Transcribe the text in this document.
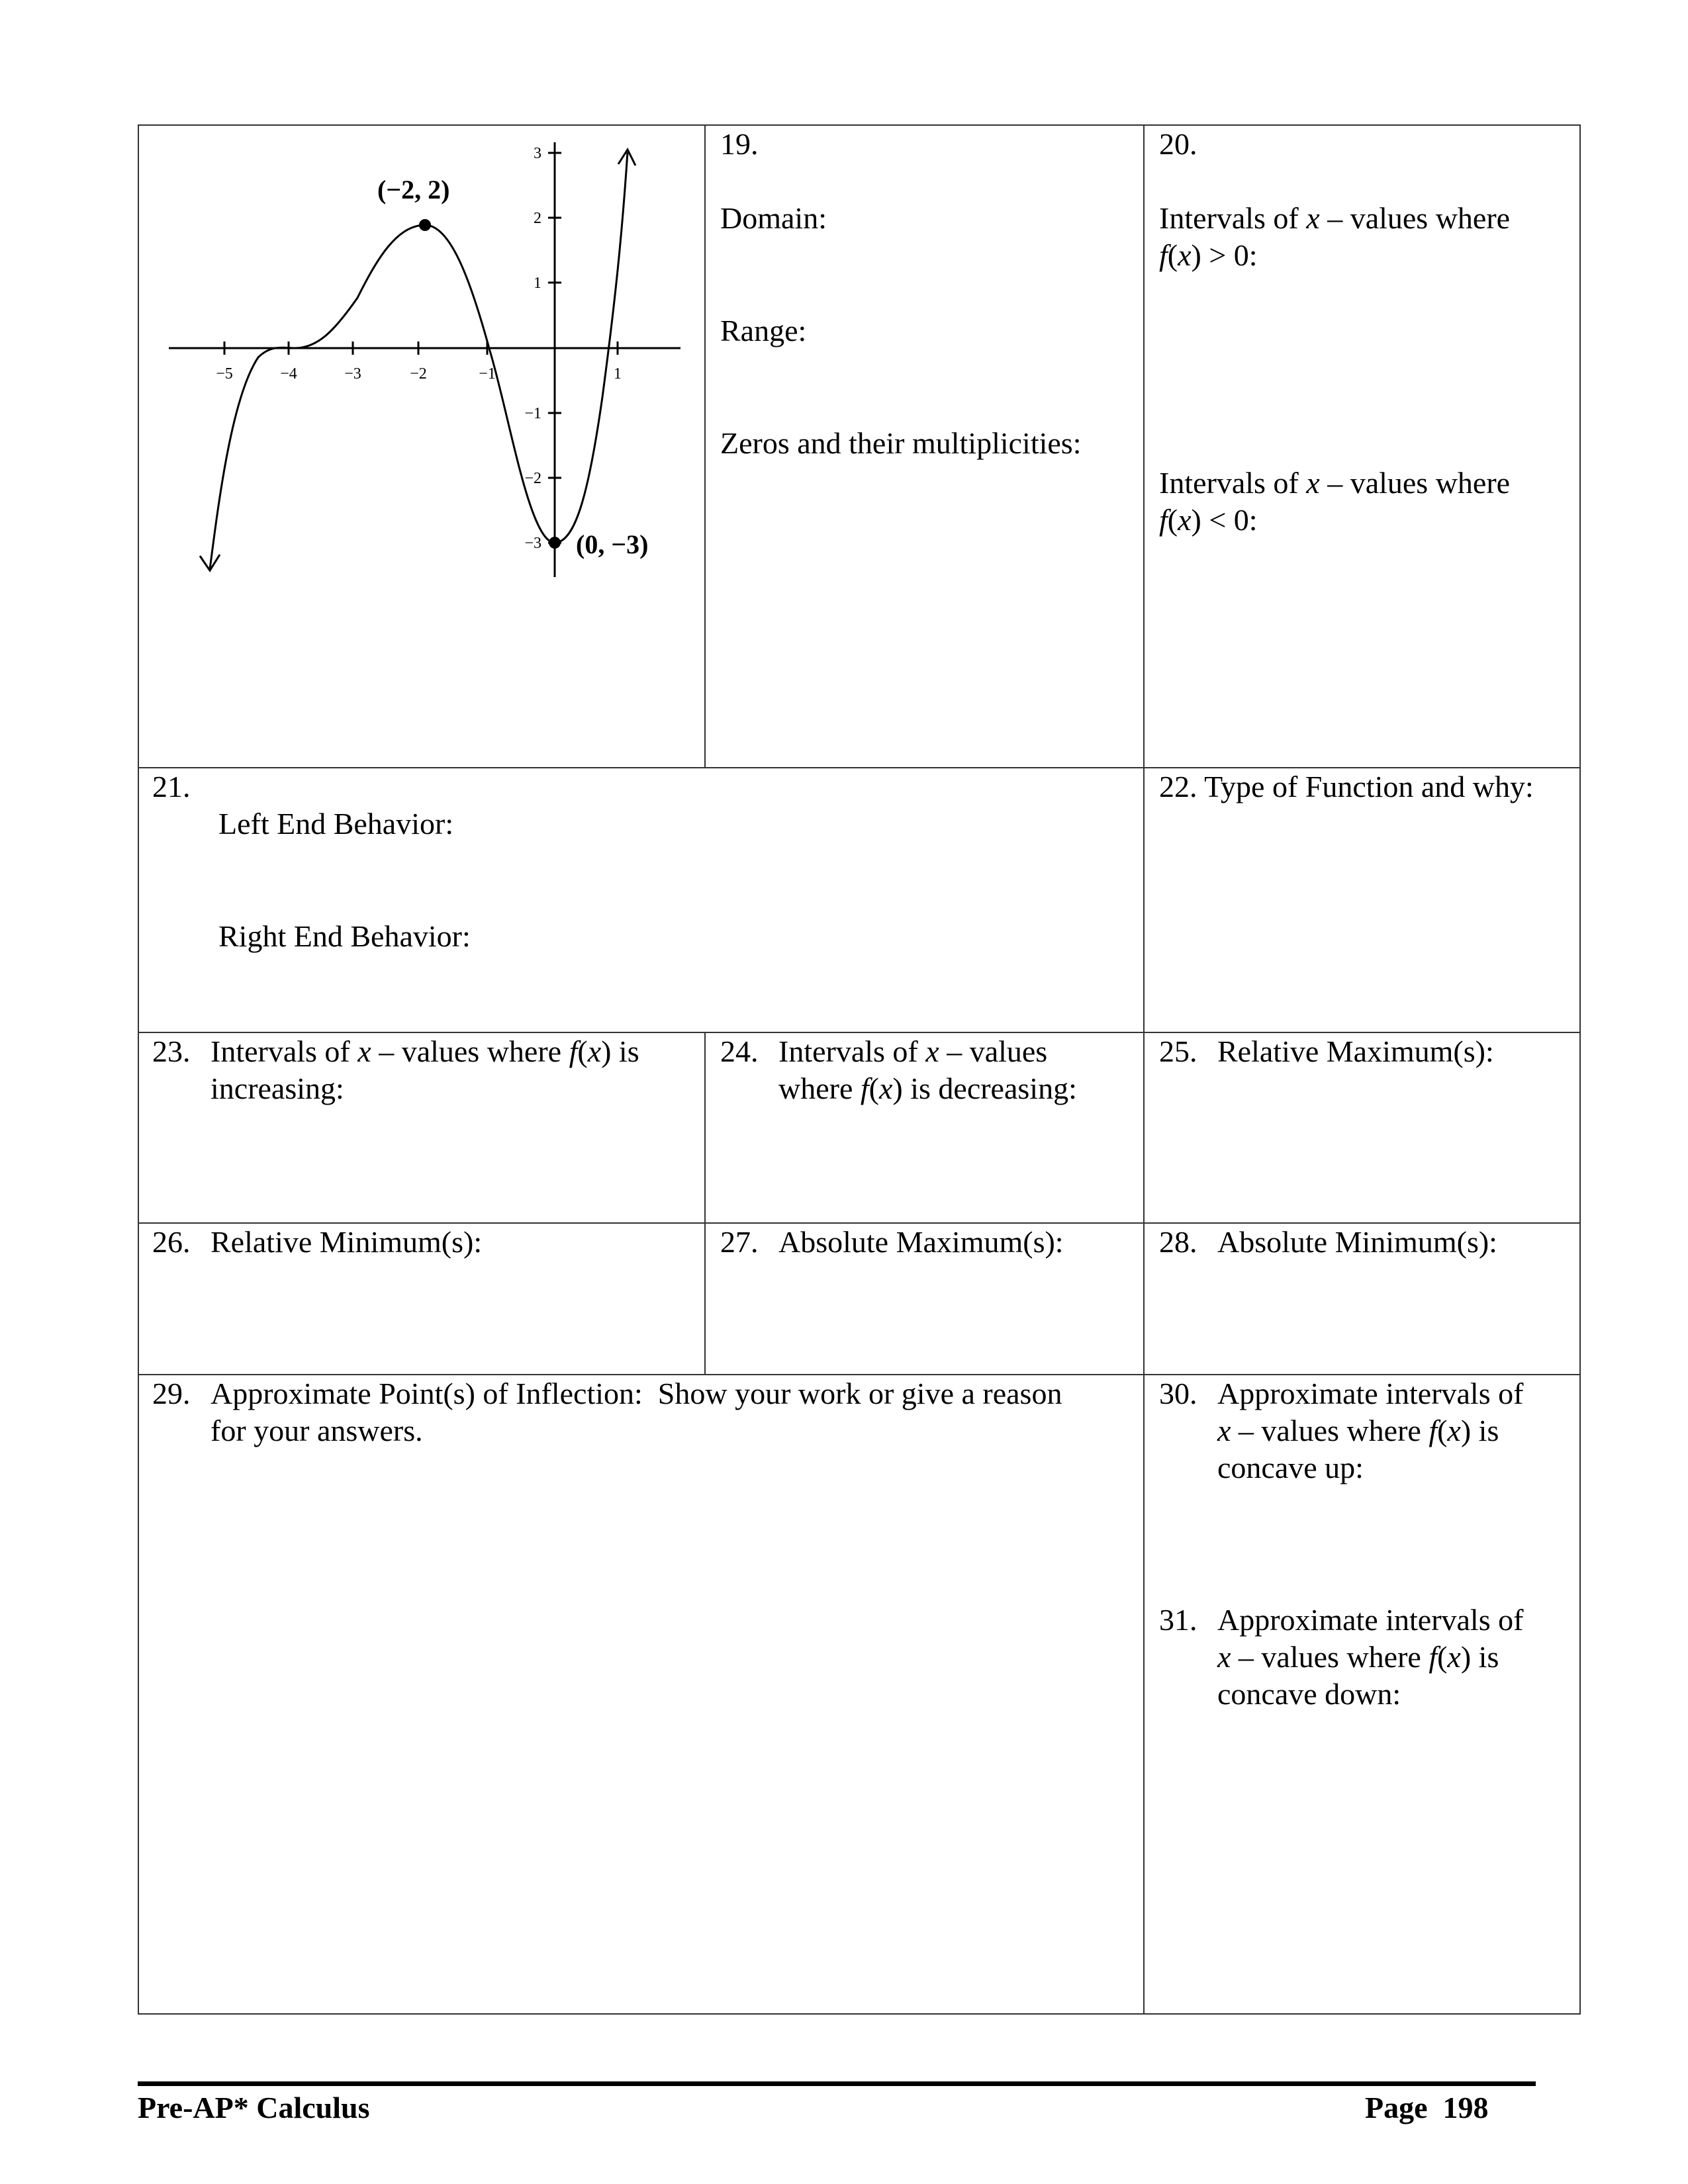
−5	−4	−3	−2	−1	1
3
2
1
−1
−2
−3
(−2, 2)
(0, −3)
19.
Domain:
Range:
Zeros and their multiplicities:
20.
Intervals of x – values where
f(x) > 0:
Intervals of x – values where
f(x) < 0:
21.
Left End Behavior:
Right End Behavior:
22. Type of Function and why:
23. Intervals of x – values where f(x) is
increasing:
24. Intervals of x – values
where f(x) is decreasing:
25. Relative Maximum(s):
26. Relative Minimum(s):	27. Absolute Maximum(s):	28. Absolute Minimum(s):
29. Approximate Point(s) of Inflection:  Show your work or give a reason
for your answers.
30. Approximate intervals of
x – values where f(x) is
concave up:
31. Approximate intervals of
x – values where f(x) is
concave down:
Pre-AP* Calculus	Page  198
